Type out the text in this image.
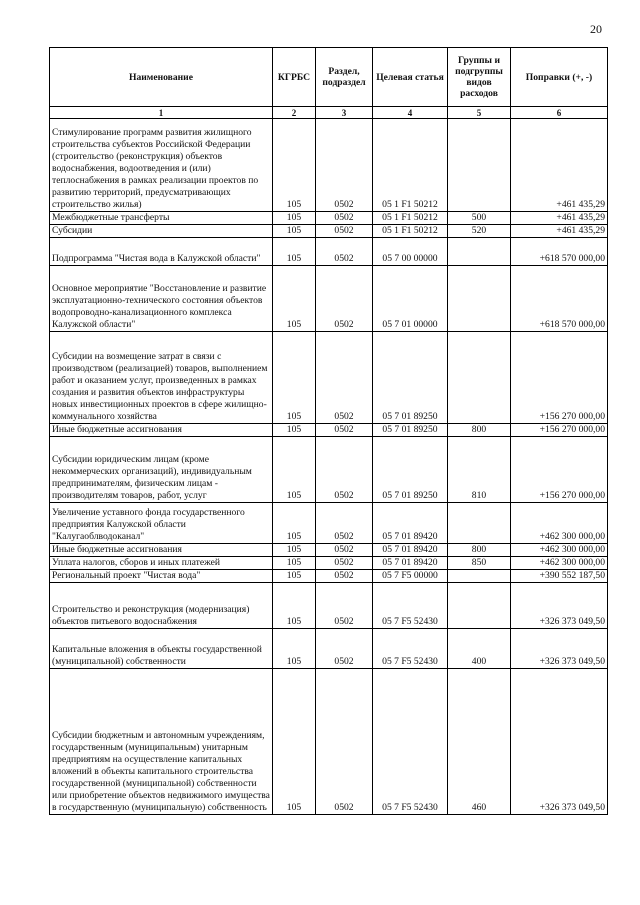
20
Наименование	КГРБС	Раздел, подраздел	Целевая статья	Группы и подгруппы видов расходов	Поправки (+, -)
1	2	3	4	5	6
Стимулирование программ развития жилищного строительства субъектов Российской Федерации (строительство (реконструкция) объектов водоснабжения, водоотведения и (или) теплоснабжения в рамках реализации проектов по развитию территорий, предусматривающих строительство жилья)	105	0502	05 1 F1 50212		+461 435,29
Межбюджетные трансферты	105	0502	05 1 F1 50212	500	+461 435,29
Субсидии	105	0502	05 1 F1 50212	520	+461 435,29
Подпрограмма "Чистая вода в Калужской области"	105	0502	05 7 00 00000		+618 570 000,00
Основное мероприятие "Восстановление и развитие эксплуатационно-технического состояния объектов водопроводно-канализационного комплекса Калужской области"	105	0502	05 7 01 00000		+618 570 000,00
Субсидии на возмещение затрат в связи с производством (реализацией) товаров, выполнением работ и оказанием услуг, произведенных в рамках создания и развития объектов инфраструктуры новых инвестиционных проектов в сфере жилищно-коммунального хозяйства	105	0502	05 7 01 89250		+156 270 000,00
Иные бюджетные ассигнования	105	0502	05 7 01 89250	800	+156 270 000,00
Субсидии юридическим лицам (кроме некоммерческих организаций), индивидуальным предпринимателям, физическим лицам - производителям товаров, работ, услуг	105	0502	05 7 01 89250	810	+156 270 000,00
Увеличение уставного фонда государственного предприятия Калужской области "Калугаоблводоканал"	105	0502	05 7 01 89420		+462 300 000,00
Иные бюджетные ассигнования	105	0502	05 7 01 89420	800	+462 300 000,00
Уплата налогов, сборов и иных платежей	105	0502	05 7 01 89420	850	+462 300 000,00
Региональный проект "Чистая вода"	105	0502	05 7 F5 00000		+390 552 187,50
Строительство и реконструкция (модернизация) объектов питьевого водоснабжения	105	0502	05 7 F5 52430		+326 373 049,50
Капитальные вложения в объекты государственной (муниципальной) собственности	105	0502	05 7 F5 52430	400	+326 373 049,50
Субсидии бюджетным и автономным учреждениям, государственным (муниципальным) унитарным предприятиям на осуществление капитальных вложений в объекты капитального строительства государственной (муниципальной) собственности или приобретение объектов недвижимого имущества в государственную (муниципальную) собственность	105	0502	05 7 F5 52430	460	+326 373 049,50
